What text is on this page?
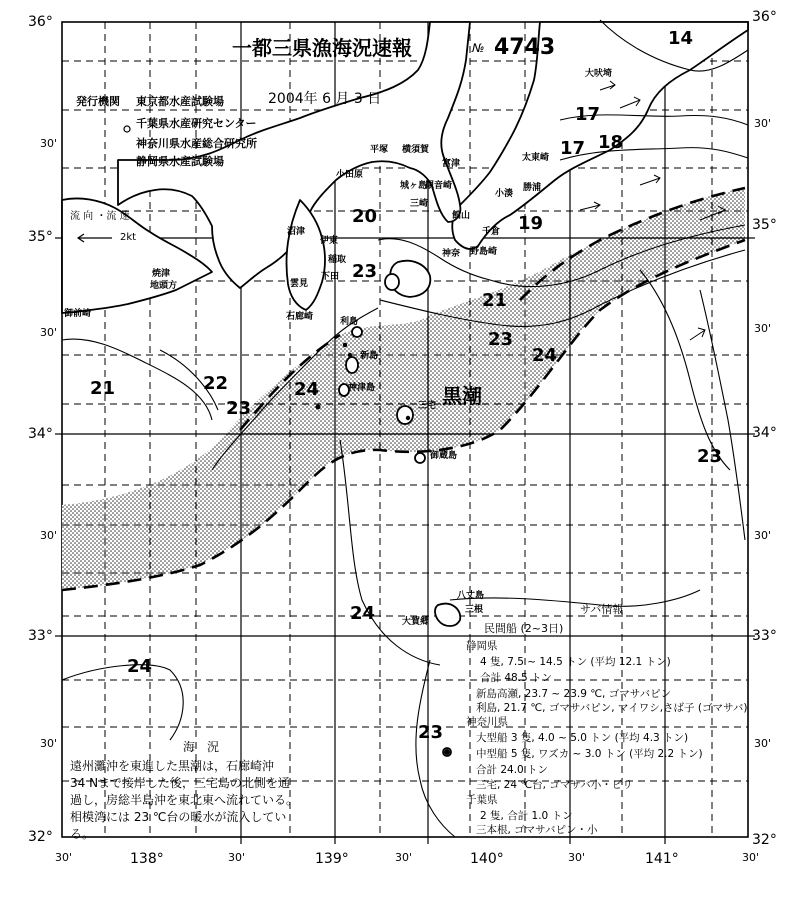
36°
30'
35°
30'
34°
30'
33°
30'
32°
36°
30'
35°
30'
34°
30'
33°
30'
32°
30'	138°	30'	139°	30'	140°	30'	141°	30'
一都三県漁海況速報	№ 4743
2004年 6 月 3 日
発行機関 東京都水産試験場
千葉県水産研究センター
神奈川県水産総合研究所
静岡県水産試験場
流 向 ・流 速
2kt
14
17
17 18
19
20
21
21	22
23
23
23
23
23
24
24
24
24
黒潮
大吠埼
太東崎
勝浦
小湊
千倉
野島崎
館山
富津
観音崎
横須賀
平塚
小田原
城ヶ島
三崎
沼津
伊東
稲取
下田
雲見
石廊崎
焼津
地頭方
御前崎
利島
新島
神津島
三宅
御蔵島
八丈島
三根
大賀郷
神奈
サバ情報
民間船 (2~3日)
静岡県
4 隻, 7.5 ~ 14.5 トン (平均 12.1 トン)
合計 48.5 トン
新島高瀬, 23.7 ~ 23.9 ℃, ゴマサバピン
利島, 21.7 ℃, ゴマサバピン, マイワシ,さば子 (ゴマサバ)
神奈川県
大型船 3 隻, 4.0 ~ 5.0 トン (平均 4.3 トン)
中型船 5 隻, ワズカ ~ 3.0 トン (平均 2.2 トン)
合計 24.0 トン
三宅, 24 ℃台, ゴマサバ小・ピリ
千葉県
2 隻, 合計 1.0 トン
三本根, ゴマサバピン・小
海　況
遠州灘沖を東進した黒潮は，石廊崎沖
34 Nまで接岸した後，三宅島の北側を通
過し，房総半島沖を東北東へ流れている。
相模湾には 23 ℃台の暖水が流入してい
る。
